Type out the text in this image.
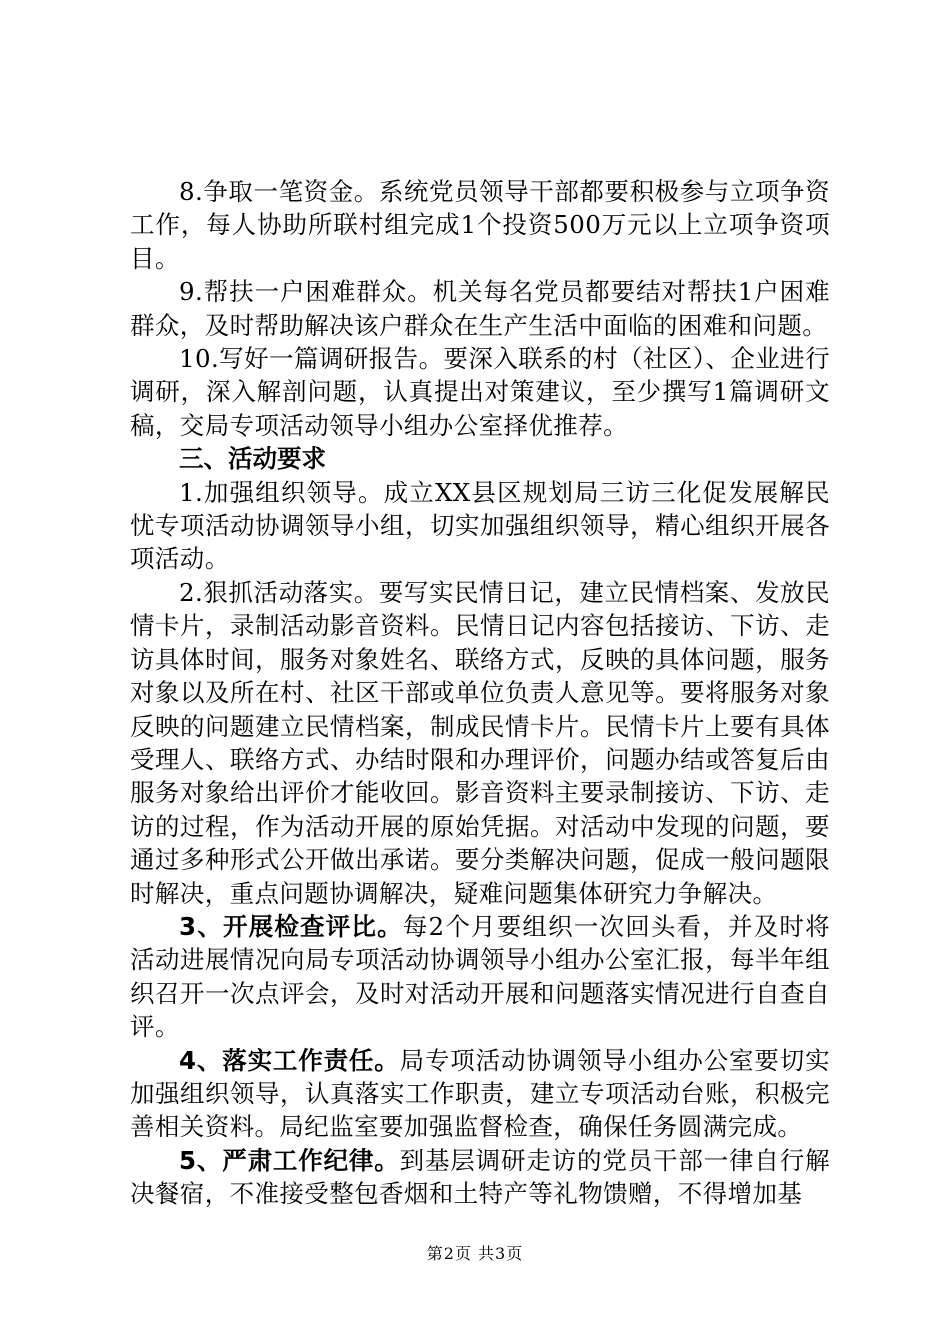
8.争取一笔资金。系统党员领导干部都要积极参与立项争资工作，每人协助所联村组完成1个投资500万元以上立项争资项目。

9.帮扶一户困难群众。机关每名党员都要结对帮扶1户困难群众，及时帮助解决该户群众在生产生活中面临的困难和问题。

10.写好一篇调研报告。要深入联系的村（社区）、企业进行调研，深入解剖问题，认真提出对策建议，至少撰写1篇调研文稿，交局专项活动领导小组办公室择优推荐。

三、活动要求

1.加强组织领导。成立XX县区规划局三访三化促发展解民忧专项活动协调领导小组，切实加强组织领导，精心组织开展各项活动。

2.狠抓活动落实。要写实民情日记，建立民情档案、发放民情卡片，录制活动影音资料。民情日记内容包括接访、下访、走访具体时间，服务对象姓名、联络方式，反映的具体问题，服务对象以及所在村、社区干部或单位负责人意见等。要将服务对象反映的问题建立民情档案，制成民情卡片。民情卡片上要有具体受理人、联络方式、办结时限和办理评价，问题办结或答复后由服务对象给出评价才能收回。影音资料主要录制接访、下访、走访的过程，作为活动开展的原始凭据。对活动中发现的问题，要通过多种形式公开做出承诺。要分类解决问题，促成一般问题限时解决，重点问题协调解决，疑难问题集体研究力争解决。

3、开展检查评比。每2个月要组织一次回头看，并及时将活动进展情况向局专项活动协调领导小组办公室汇报，每半年组织召开一次点评会，及时对活动开展和问题落实情况进行自查自评。

4、落实工作责任。局专项活动协调领导小组办公室要切实加强组织领导，认真落实工作职责，建立专项活动台账，积极完善相关资料。局纪监室要加强监督检查，确保任务圆满完成。

5、严肃工作纪律。到基层调研走访的党员干部一律自行解决餐宿，不准接受整包香烟和土特产等礼物馈赠，不得增加基

第2页 共3页
